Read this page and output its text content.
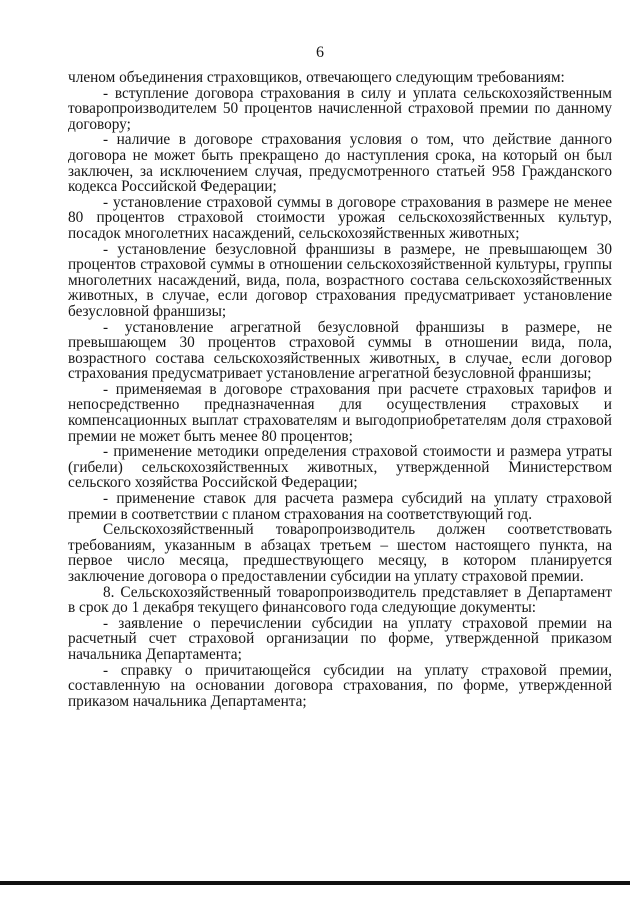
6

членом объединения страховщиков, отвечающего следующим требованиям:

- вступление договора страхования в силу и уплата сельскохозяйственным товаропроизводителем 50 процентов начисленной страховой премии по данному договору;

- наличие в договоре страхования условия о том, что действие данного договора не может быть прекращено до наступления срока, на который он был заключен, за исключением случая, предусмотренного статьей 958 Гражданского кодекса Российской Федерации;

- установление страховой суммы в договоре страхования в размере не менее 80 процентов страховой стоимости урожая сельскохозяйственных культур, посадок многолетних насаждений, сельскохозяйственных животных;

- установление безусловной франшизы в размере, не превышающем 30 процентов страховой суммы в отношении сельскохозяйственной культуры, группы многолетних насаждений, вида, пола, возрастного состава сельскохозяйственных животных, в случае, если договор страхования предусматривает установление безусловной франшизы;

- установление агрегатной безусловной франшизы в размере, не превышающем 30 процентов страховой суммы в отношении вида, пола, возрастного состава сельскохозяйственных животных, в случае, если договор страхования предусматривает установление агрегатной безусловной франшизы;

- применяемая в договоре страхования при расчете страховых тарифов и непосредственно предназначенная для осуществления страховых и компенсационных выплат страхователям и выгодоприобретателям доля страховой премии не может быть менее 80 процентов;

- применение методики определения страховой стоимости и размера утраты (гибели) сельскохозяйственных животных, утвержденной Министерством сельского хозяйства Российской Федерации;

- применение ставок для расчета размера субсидий на уплату страховой премии в соответствии с планом страхования на соответствующий год.

Сельскохозяйственный товаропроизводитель должен соответствовать требованиям, указанным в абзацах третьем – шестом настоящего пункта, на первое число месяца, предшествующего месяцу, в котором планируется заключение договора о предоставлении субсидии на уплату страховой премии.

8. Сельскохозяйственный товаропроизводитель представляет в Департамент в срок до 1 декабря текущего финансового года следующие документы:

- заявление о перечислении субсидии на уплату страховой премии на расчетный счет страховой организации по форме, утвержденной приказом начальника Департамента;

- справку о причитающейся субсидии на уплату страховой премии, составленную на основании договора страхования, по форме, утвержденной приказом начальника Департамента;
